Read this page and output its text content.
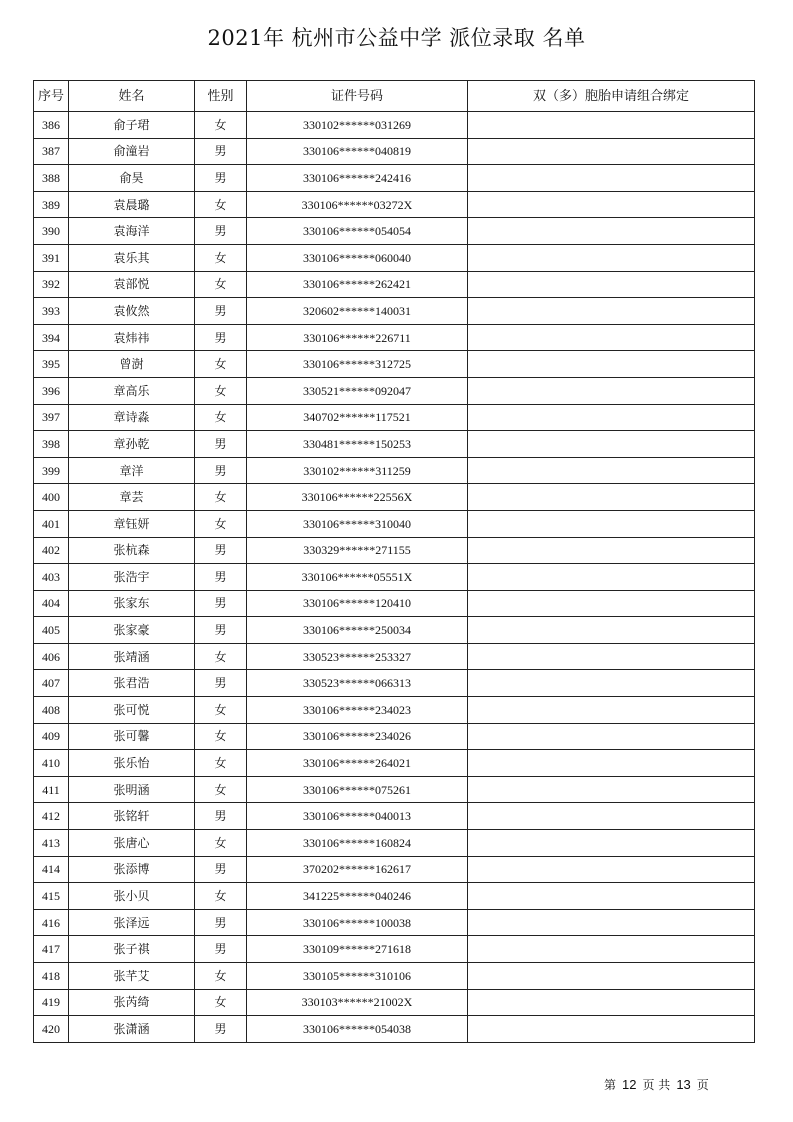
2021年 杭州市公益中学 派位录取 名单
序号	姓名	性别	证件号码	双（多）胞胎申请组合绑定
386	俞子珺	女	330102******031269	
387	俞潼岩	男	330106******040819	
388	俞昊	男	330106******242416	
389	袁晨璐	女	330106******03272X	
390	袁海洋	男	330106******054054	
391	袁乐其	女	330106******060040	
392	袁部悦	女	330106******262421	
393	袁攸然	男	320602******140031	
394	袁炜祎	男	330106******226711	
395	曾澍	女	330106******312725	
396	章高乐	女	330521******092047	
397	章诗淼	女	340702******117521	
398	章孙乾	男	330481******150253	
399	章洋	男	330102******311259	
400	章芸	女	330106******22556X	
401	章钰妍	女	330106******310040	
402	张杭森	男	330329******271155	
403	张浩宇	男	330106******05551X	
404	张家东	男	330106******120410	
405	张家豪	男	330106******250034	
406	张靖涵	女	330523******253327	
407	张君浩	男	330523******066313	
408	张可悦	女	330106******234023	
409	张可馨	女	330106******234026	
410	张乐怡	女	330106******264021	
411	张明涵	女	330106******075261	
412	张铭轩	男	330106******040013	
413	张唐心	女	330106******160824	
414	张添博	男	370202******162617	
415	张小贝	女	341225******040246	
416	张泽远	男	330106******100038	
417	张子祺	男	330109******271618	
418	张芊艾	女	330105******310106	
419	张芮绮	女	330103******21002X	
420	张潇涵	男	330106******054038	
第 12 页 共 13 页
